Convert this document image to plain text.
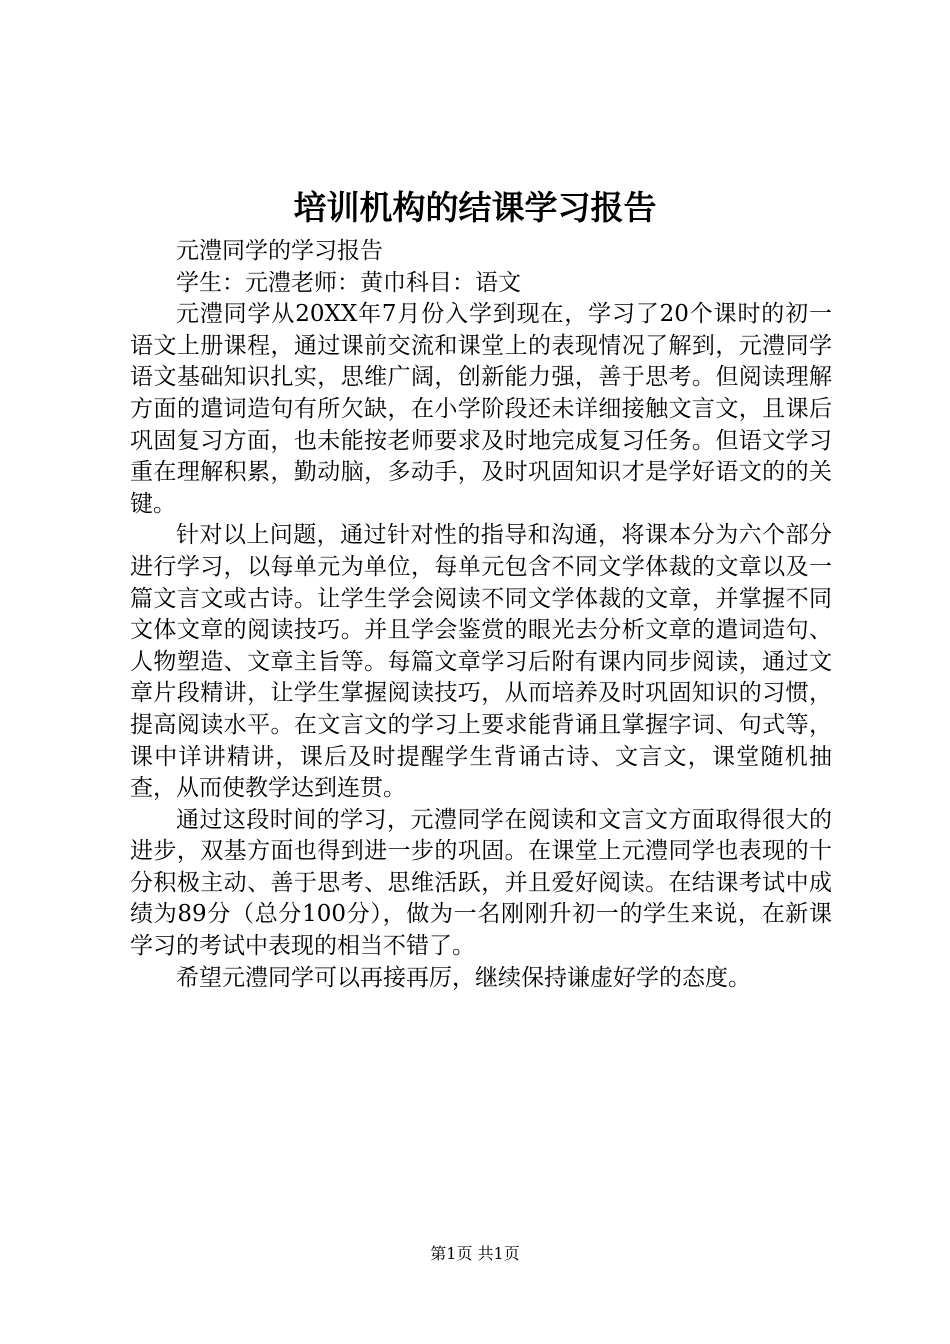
培训机构的结课学习报告

元澧同学的学习报告

学生：元澧老师：黄巾科目：语文

元澧同学从20XX年7月份入学到现在，学习了20个课时的初一语文上册课程，通过课前交流和课堂上的表现情况了解到，元澧同学语文基础知识扎实，思维广阔，创新能力强，善于思考。但阅读理解方面的遣词造句有所欠缺，在小学阶段还未详细接触文言文，且课后巩固复习方面，也未能按老师要求及时地完成复习任务。但语文学习重在理解积累，勤动脑，多动手，及时巩固知识才是学好语文的的关键。

针对以上问题，通过针对性的指导和沟通，将课本分为六个部分进行学习，以每单元为单位，每单元包含不同文学体裁的文章以及一篇文言文或古诗。让学生学会阅读不同文学体裁的文章，并掌握不同文体文章的阅读技巧。并且学会鉴赏的眼光去分析文章的遣词造句、人物塑造、文章主旨等。每篇文章学习后附有课内同步阅读，通过文章片段精讲，让学生掌握阅读技巧，从而培养及时巩固知识的习惯，提高阅读水平。在文言文的学习上要求能背诵且掌握字词、句式等，课中详讲精讲，课后及时提醒学生背诵古诗、文言文，课堂随机抽查，从而使教学达到连贯。

通过这段时间的学习，元澧同学在阅读和文言文方面取得很大的进步，双基方面也得到进一步的巩固。在课堂上元澧同学也表现的十分积极主动、善于思考、思维活跃，并且爱好阅读。在结课考试中成绩为89分（总分100分），做为一名刚刚升初一的学生来说，在新课学习的考试中表现的相当不错了。

希望元澧同学可以再接再厉，继续保持谦虚好学的态度。

第1页 共1页
